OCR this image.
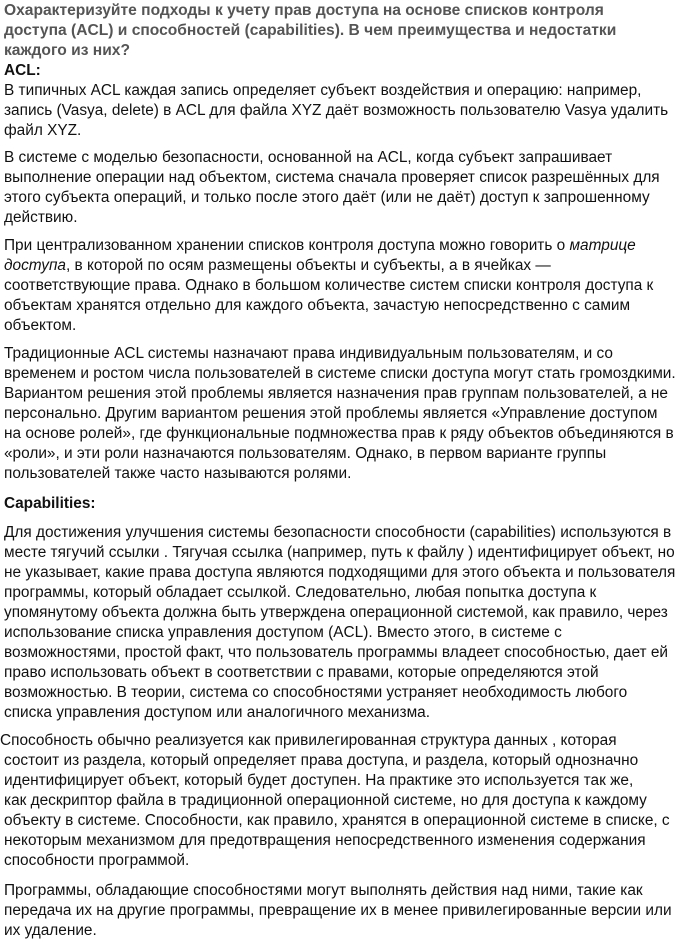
Охарактеризуйте подходы к учету прав доступа на основе списков контроля
доступа (ACL) и способностей (capabilities). В чем преимущества и недостатки
каждого из них?
ACL:
В типичных ACL каждая запись определяет субъект воздействия и операцию: например,
запись (Vasya, delete) в ACL для файла XYZ даёт возможность пользователю Vasya удалить
файл XYZ.
В системе с моделью безопасности, основанной на ACL, когда субъект запрашивает
выполнение операции над объектом, система сначала проверяет список разрешённых для
этого субъекта операций, и только после этого даёт (или не даёт) доступ к запрошенному
действию.
При централизованном хранении списков контроля доступа можно говорить о матрице
доступа, в которой по осям размещены объекты и субъекты, а в ячейках —
соответствующие права. Однако в большом количестве систем списки контроля доступа к
объектам хранятся отдельно для каждого объекта, зачастую непосредственно с самим
объектом.
Традиционные ACL системы назначают права индивидуальным пользователям, и со
временем и ростом числа пользователей в системе списки доступа могут стать громоздкими.
Вариантом решения этой проблемы является назначения прав группам пользователей, а не
персонально. Другим вариантом решения этой проблемы является «Управление доступом
на основе ролей», где функциональные подмножества прав к ряду объектов объединяются в
«роли», и эти роли назначаются пользователям. Однако, в первом варианте группы
пользователей также часто называются ролями.
Capabilities:
Для достижения улучшения системы безопасности способности (capabilities) используются в
месте тягучий ссылки . Тягучая ссылка (например, путь к файлу ) идентифицирует объект, но
не указывает, какие права доступа являются подходящими для этого объекта и пользователя
программы, который обладает ссылкой. Следовательно, любая попытка доступа к
упомянутому объекта должна быть утверждена операционной системой, как правило, через
использование списка управления доступом (ACL). Вместо этого, в системе с
возможностями, простой факт, что пользователь программы владеет способностью, дает ей
право использовать объект в соответствии с правами, которые определяются этой
возможностью. В теории, система со способностями устраняет необходимость любого
списка управления доступом или аналогичного механизма.
Способность обычно реализуется как привилегированная структура данных , которая
состоит из раздела, который определяет права доступа, и раздела, который однозначно
идентифицирует объект, который будет доступен. На практике это используется так же,
как дескриптор файла в традиционной операционной системе, но для доступа к каждому
объекту в системе. Способности, как правило, хранятся в операционной системе в списке, с
некоторым механизмом для предотвращения непосредственного изменения содержания
способности программой.
Программы, обладающие способностями могут выполнять действия над ними, такие как
передача их на другие программы, превращение их в менее привилегированные версии или
их удаление.
